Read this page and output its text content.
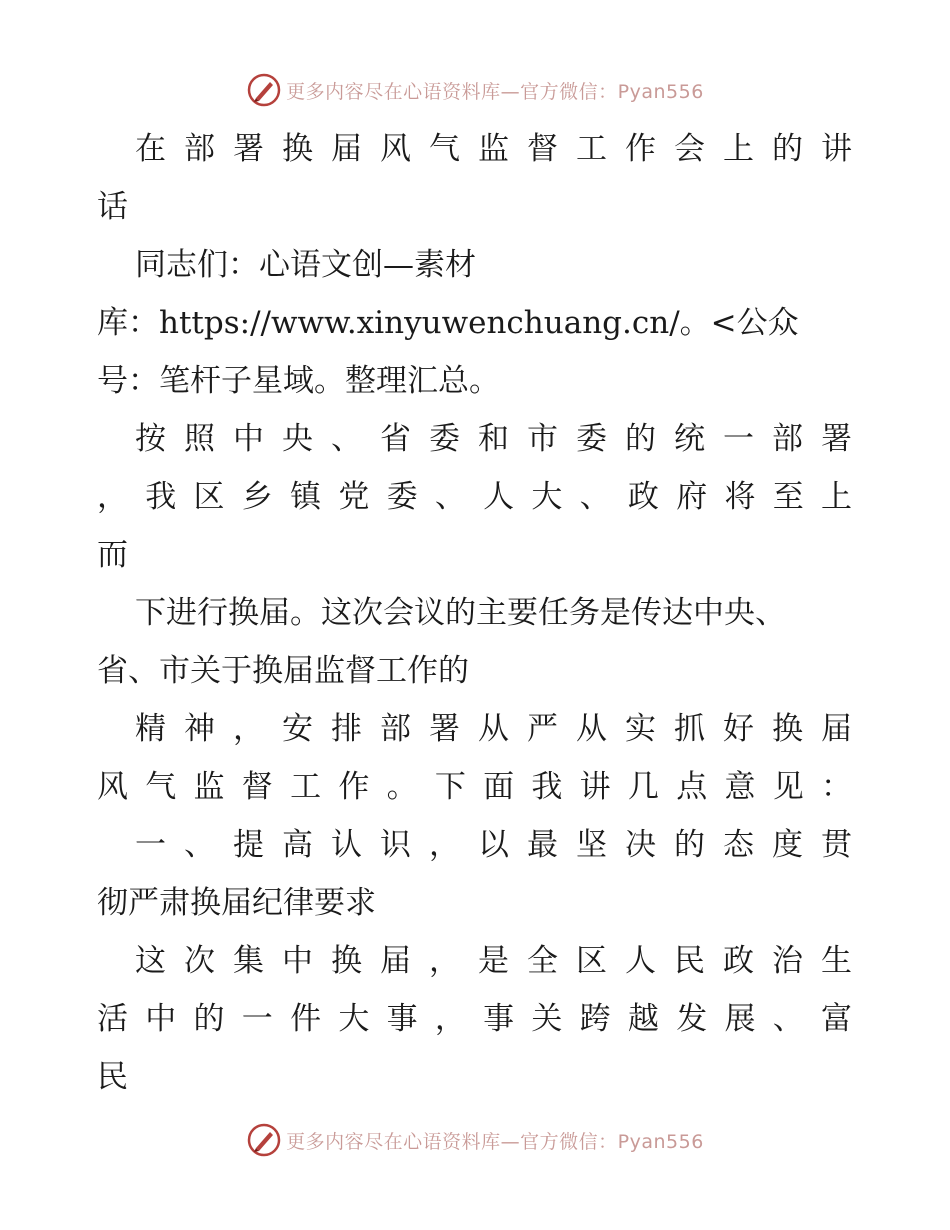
更多内容尽在心语资料库—官方微信：Pyan556
在 部 署 换 届 风 气 监 督 工 作 会 上 的 讲
话
同志们：心语文创—素材
库：https://www.xinyuwenchuang.cn/。<公众
号：笔杆子星域。整理汇总。
按 照 中 央 、 省 委 和 市 委 的 统 一 部 署
， 我 区 乡 镇 党 委 、 人 大 、 政 府 将 至 上
而
下进行换届。这次会议的主要任务是传达中央、
省、市关于换届监督工作的
精 神 ， 安 排 部 署 从 严 从 实 抓 好 换 届
风 气 监 督 工 作 。 下 面 我 讲 几 点 意 见 ：
一 、 提 高 认 识 ， 以 最 坚 决 的 态 度 贯
彻严肃换届纪律要求
这 次 集 中 换 届 ， 是 全 区 人 民 政 治 生
活 中 的 一 件 大 事 ， 事 关 跨 越 发 展 、 富
民
更多内容尽在心语资料库—官方微信：Pyan556
